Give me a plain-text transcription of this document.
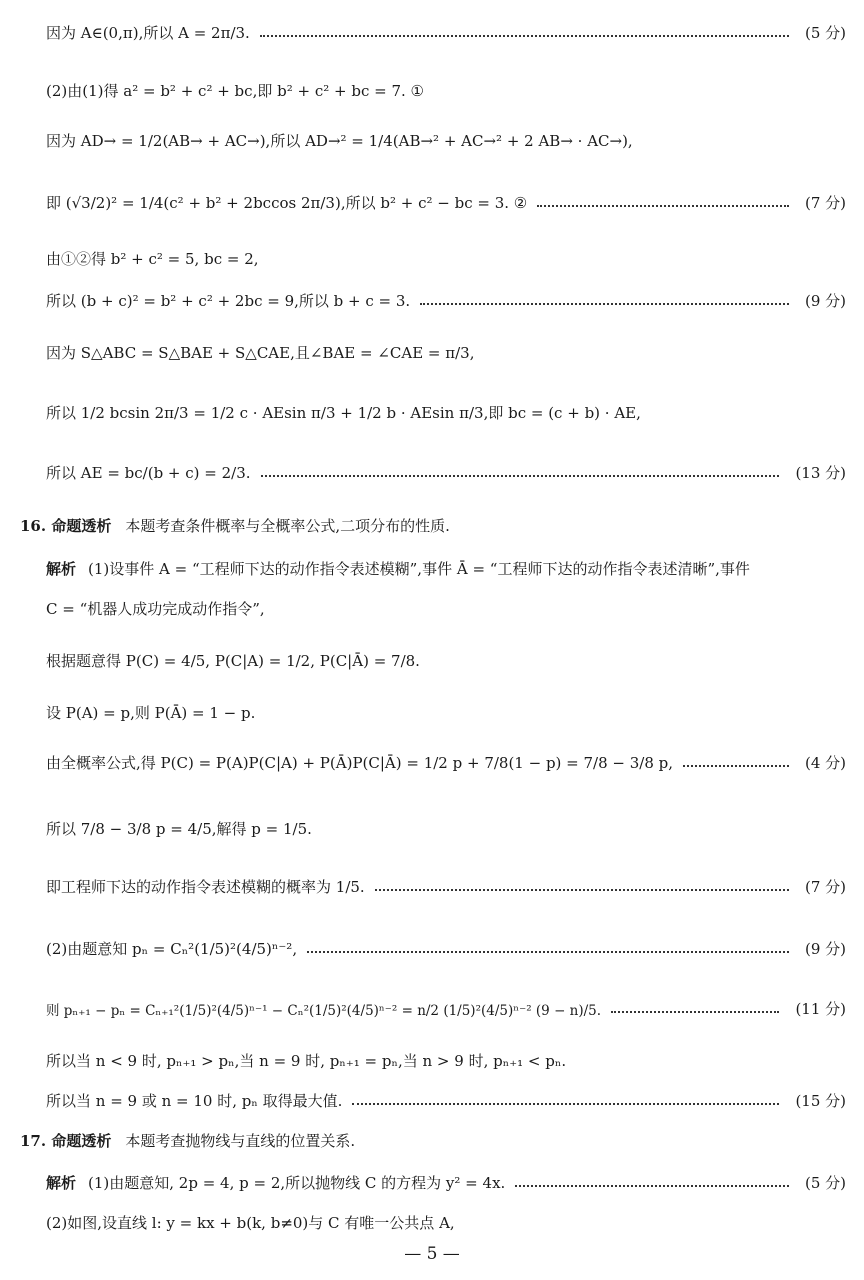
因为 A∈(0,π),所以 A = 2π/3.	(5 分)
(2)由(1)得 a² = b² + c² + bc,即 b² + c² + bc = 7. ①
因为 AD→ = 1/2(AB→ + AC→),所以 AD→² = 1/4(AB→² + AC→² + 2 AB→ · AC→),
即 (√3/2)² = 1/4(c² + b² + 2bccos 2π/3),所以 b² + c² − bc = 3. ②	(7 分)
由①②得 b² + c² = 5, bc = 2,
所以 (b + c)² = b² + c² + 2bc = 9,所以 b + c = 3.	(9 分)
因为 S△ABC = S△BAE + S△CAE,且∠BAE = ∠CAE = π/3,
所以 1/2 bcsin 2π/3 = 1/2 c · AEsin π/3 + 1/2 b · AEsin π/3,即 bc = (c + b) · AE,
所以 AE = bc/(b + c) = 2/3.	(13 分)
16. 命题透析 本题考查条件概率与全概率公式,二项分布的性质.
解析 (1)设事件 A = “工程师下达的动作指令表述模糊”,事件 Ā = “工程师下达的动作指令表述清晰”,事件
C = “机器人成功完成动作指令”,
根据题意得 P(C) = 4/5, P(C|A) = 1/2, P(C|Ā) = 7/8.
设 P(A) = p,则 P(Ā) = 1 − p.
由全概率公式,得 P(C) = P(A)P(C|A) + P(Ā)P(C|Ā) = 1/2 p + 7/8(1 − p) = 7/8 − 3/8 p,	(4 分)
所以 7/8 − 3/8 p = 4/5,解得 p = 1/5.
即工程师下达的动作指令表述模糊的概率为 1/5.	(7 分)
(2)由题意知 pₙ = Cₙ²(1/5)²(4/5)ⁿ⁻²,	(9 分)
则 pₙ₊₁ − pₙ = Cₙ₊₁²(1/5)²(4/5)ⁿ⁻¹ − Cₙ²(1/5)²(4/5)ⁿ⁻² = n/2 (1/5)²(4/5)ⁿ⁻² (9 − n)/5.	(11 分)
所以当 n < 9 时, pₙ₊₁ > pₙ,当 n = 9 时, pₙ₊₁ = pₙ,当 n > 9 时, pₙ₊₁ < pₙ.
所以当 n = 9 或 n = 10 时, pₙ 取得最大值.	(15 分)
17. 命题透析 本题考查抛物线与直线的位置关系.
解析 (1)由题意知, 2p = 4, p = 2,所以抛物线 C 的方程为 y² = 4x.	(5 分)
(2)如图,设直线 l: y = kx + b(k, b≠0)与 C 有唯一公共点 A,
— 5 —
